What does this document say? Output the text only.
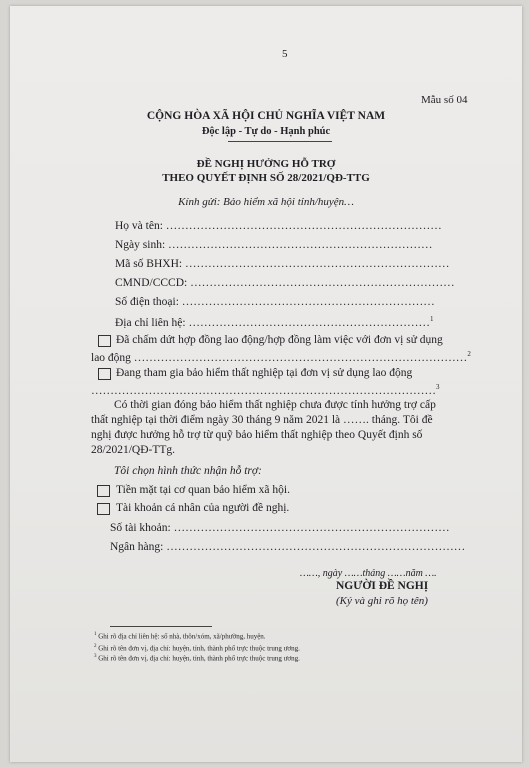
5
Mẫu số 04
CỘNG HÒA XÃ HỘI CHỦ NGHĨA VIỆT NAM
Độc lập - Tự do - Hạnh phúc
ĐỀ NGHỊ HƯỞNG HỖ TRỢ
THEO QUYẾT ĐỊNH SỐ 28/2021/QĐ-TTG
Kính gửi: Bảo hiểm xã hội tỉnh/huyện…
Họ và tên: ………………………………………………………………
Ngày sinh: ……………………………………………………………
Mã số BHXH: ……………………………………………………………
CMND/CCCD: ……………………………………………………………
Số điện thoại: …………………………………………………………
Địa chỉ liên hệ: ………………………………………………………$^1$
Đã chấm dứt hợp đồng lao động/hợp đồng làm việc với đơn vị sử dụng
lao động ……………………………………………………………………………$^2$
Đang tham gia bảo hiểm thất nghiệp tại đơn vị sử dụng lao động
………………………………………………………………………………$^3$
Có thời gian đóng bảo hiểm thất nghiệp chưa được tính hưởng trợ cấp
thất nghiệp tại thời điểm ngày 30 tháng 9 năm 2021 là ……. tháng. Tôi đề
nghị được hưởng hỗ trợ từ quỹ bảo hiểm thất nghiệp theo Quyết định số
28/2021/QĐ-TTg.
Tôi chọn hình thức nhận hỗ trợ:
Tiền mặt tại cơ quan bảo hiểm xã hội.
Tài khoản cá nhân của người đề nghị.
Số tài khoản: ………………………………………………………………
Ngân hàng: ……………………………………………………………………
……, ngày ……tháng ……năm ….
NGƯỜI ĐỀ NGHỊ
(Ký và ghi rõ họ tên)
$^1$ Ghi rõ địa chỉ liên hệ: số nhà, thôn/xóm, xã/phường, huyện.
$^2$ Ghi rõ tên đơn vị, địa chỉ: huyện, tỉnh, thành phố trực thuộc trung ương.
$^3$ Ghi rõ tên đơn vị, địa chỉ: huyện, tỉnh, thành phố trực thuộc trung ương.
